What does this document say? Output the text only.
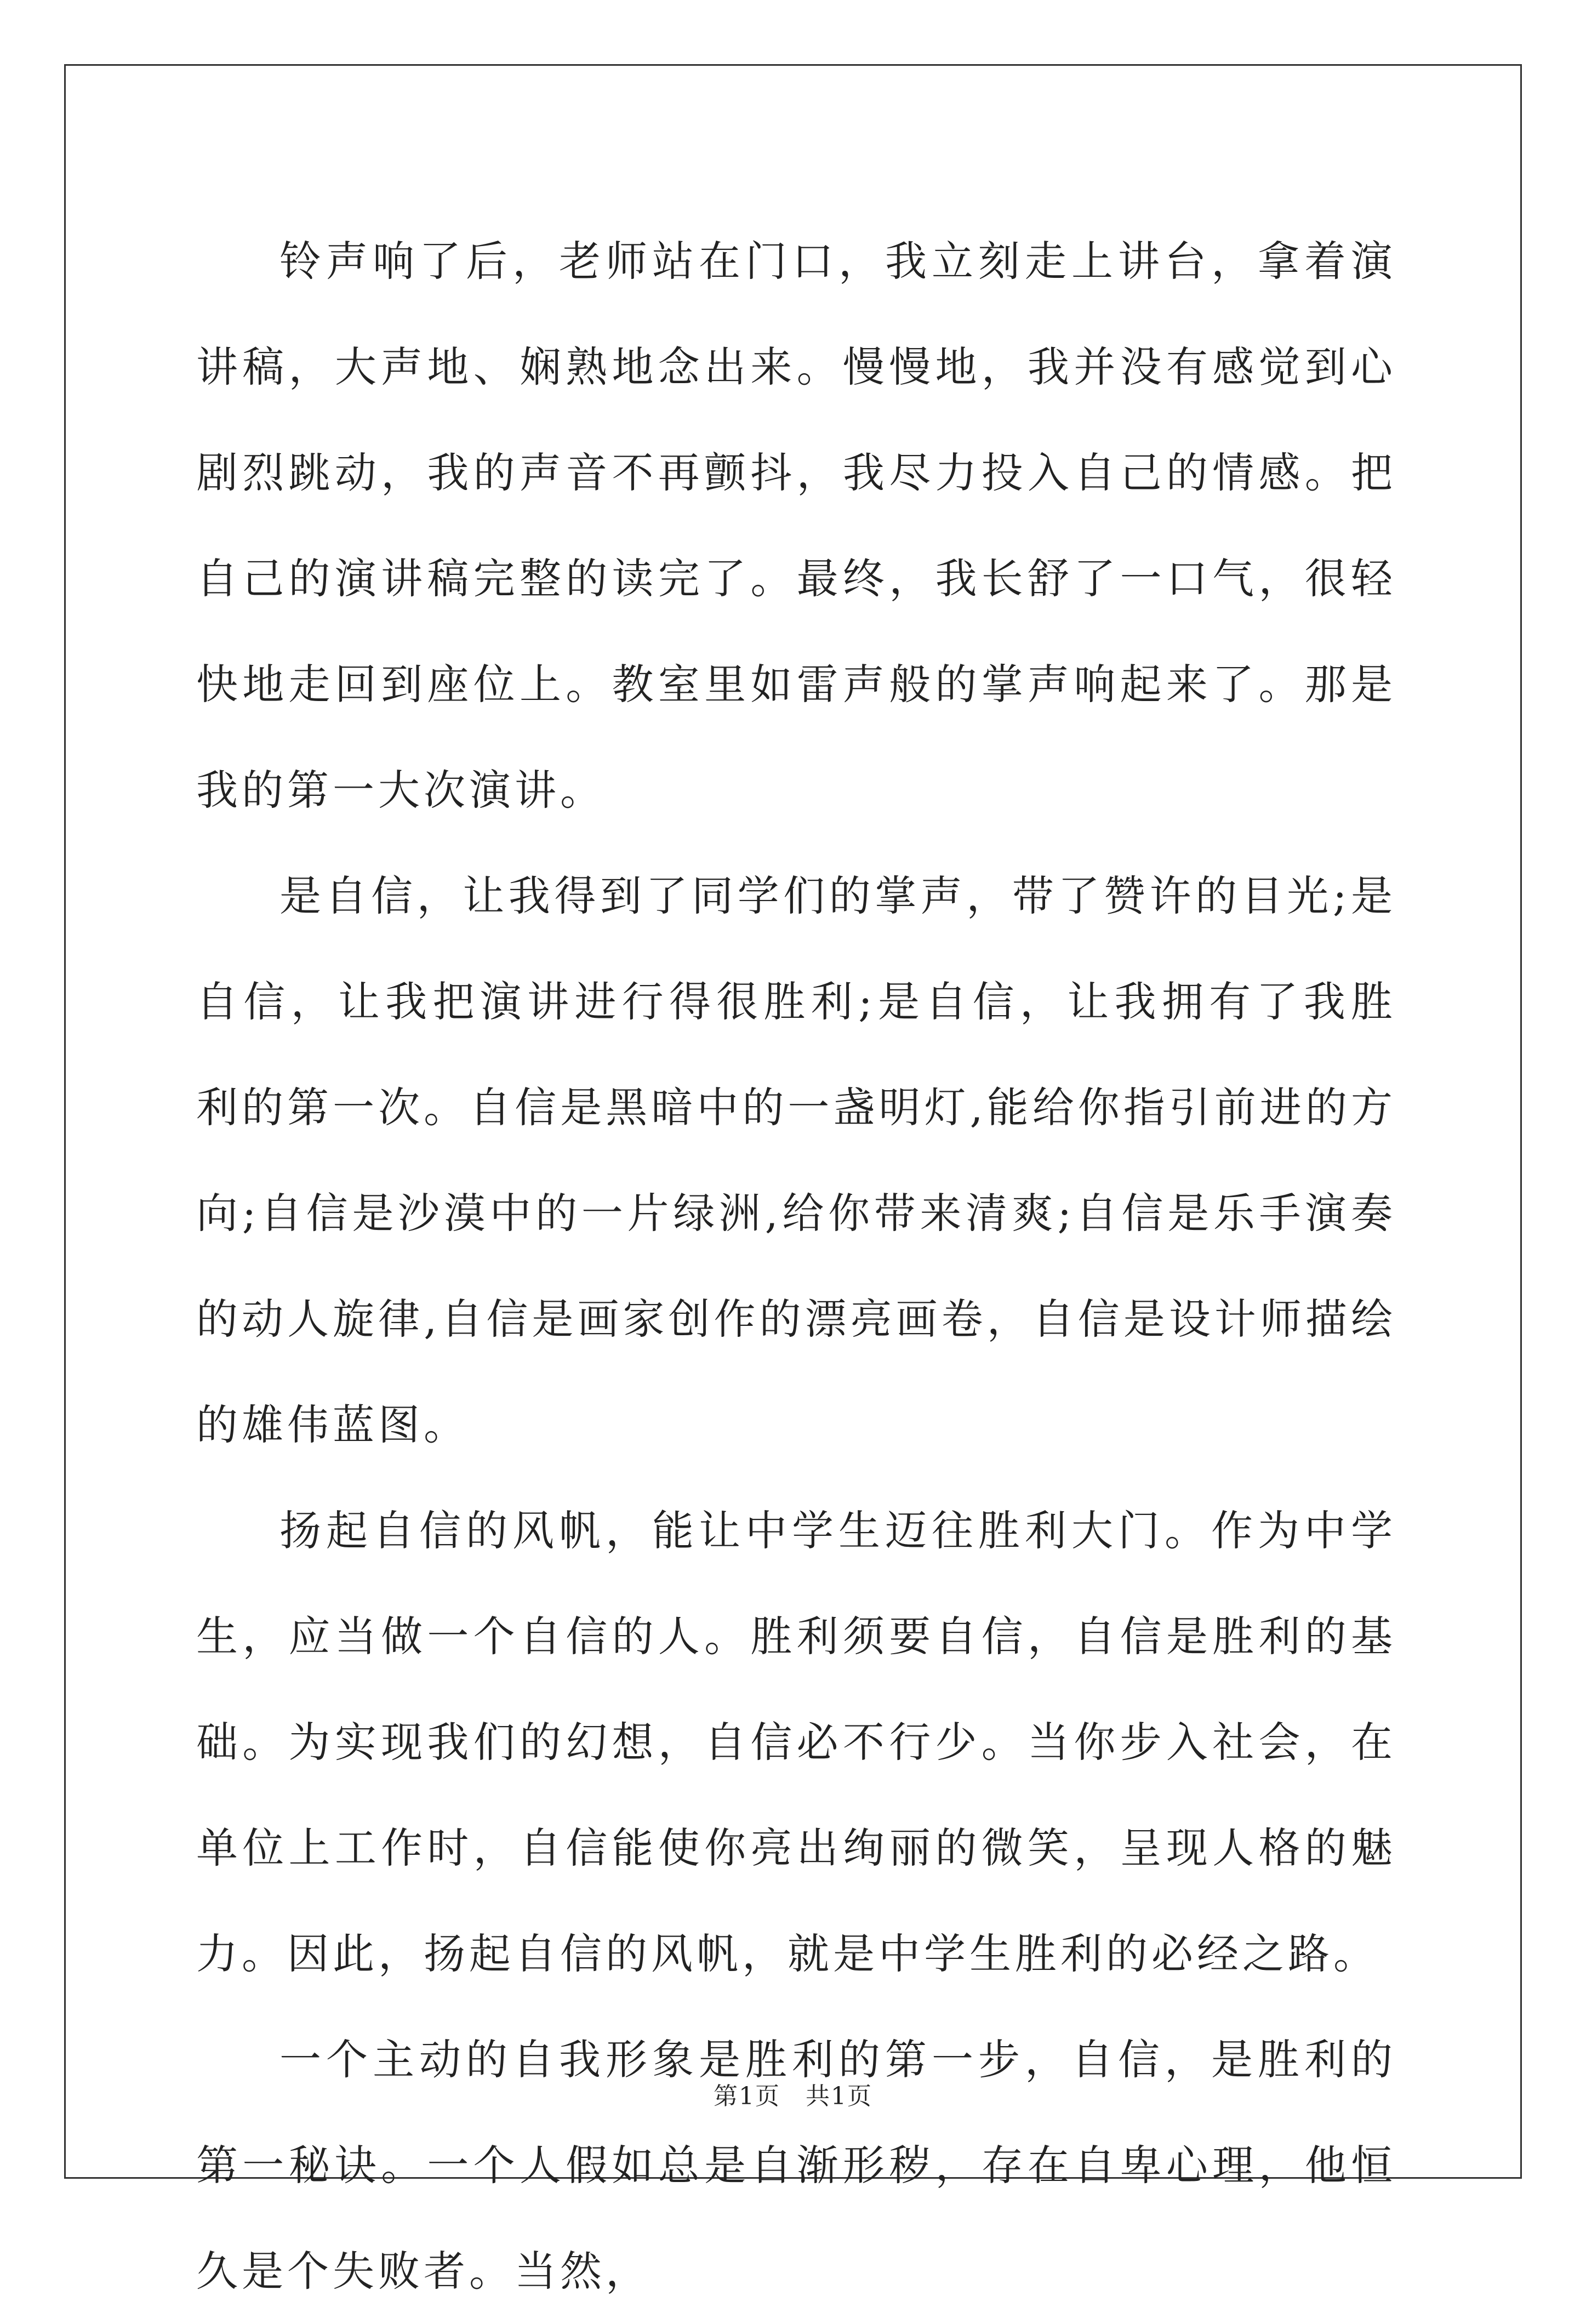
铃声响了后，老师站在门口，我立刻走上讲台，拿着演讲稿，大声地、娴熟地念出来。慢慢地，我并没有感觉到心剧烈跳动，我的声音不再颤抖，我尽力投入自己的情感。把自己的演讲稿完整的读完了。最终，我长舒了一口气，很轻快地走回到座位上。教室里如雷声般的掌声响起来了。那是我的第一大次演讲。

是自信，让我得到了同学们的掌声，带了赞许的目光;是自信，让我把演讲进行得很胜利;是自信，让我拥有了我胜利的第一次。自信是黑暗中的一盏明灯,能给你指引前进的方向;自信是沙漠中的一片绿洲,给你带来清爽;自信是乐手演奏的动人旋律,自信是画家创作的漂亮画卷，自信是设计师描绘的雄伟蓝图。

扬起自信的风帆，能让中学生迈往胜利大门。作为中学生，应当做一个自信的人。胜利须要自信，自信是胜利的基础。为实现我们的幻想，自信必不行少。当你步入社会，在单位上工作时，自信能使你亮出绚丽的微笑，呈现人格的魅力。因此，扬起自信的风帆，就是中学生胜利的必经之路。

一个主动的自我形象是胜利的第一步，自信，是胜利的第一秘诀。一个人假如总是自渐形秽，存在自卑心理，他恒久是个失败者。当然，

第1页　共1页
